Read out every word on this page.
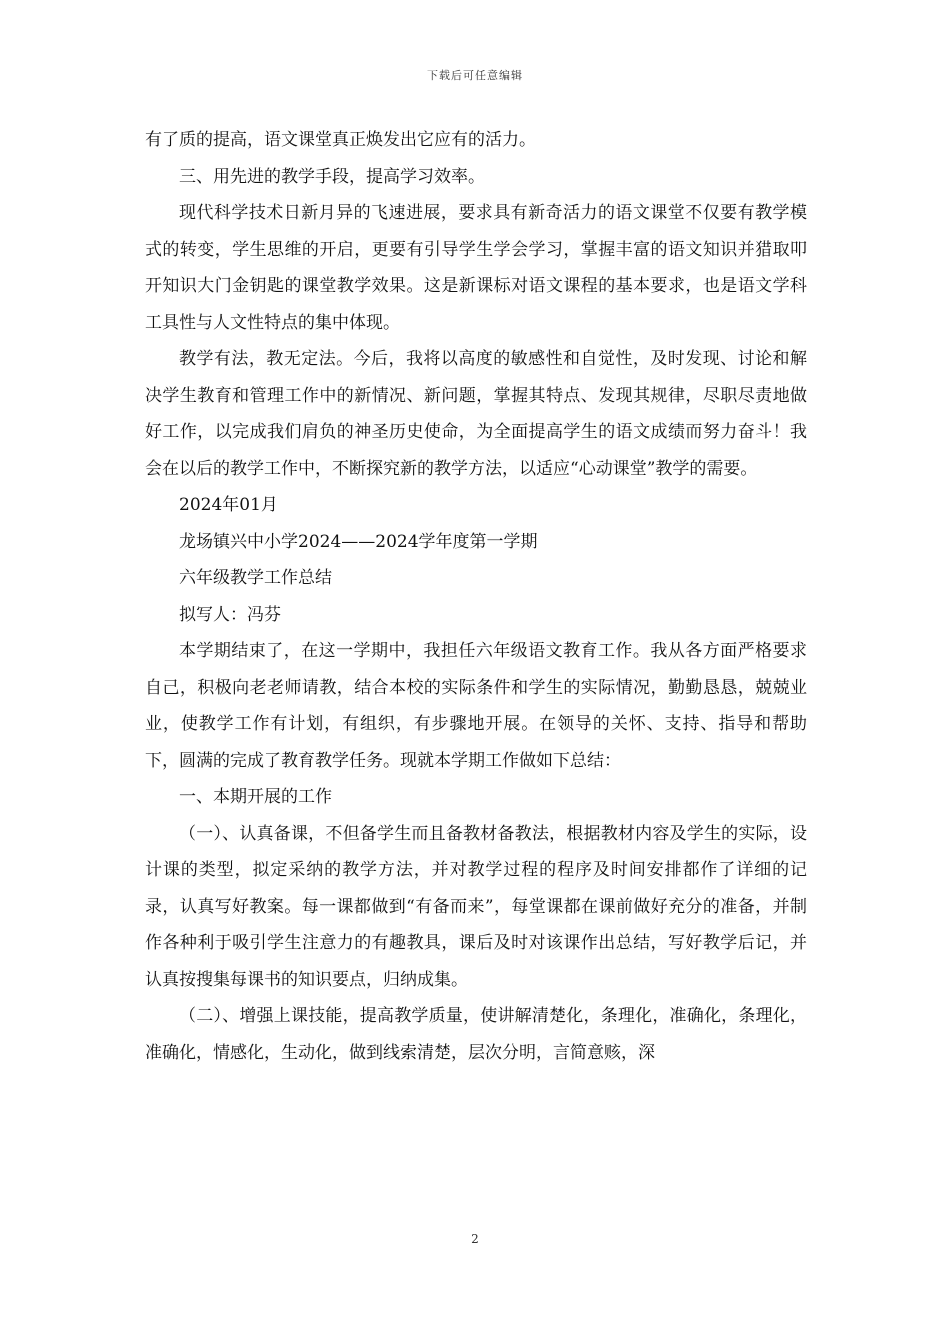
下载后可任意编辑

有了质的提高，语文课堂真正焕发出它应有的活力。

三、用先进的教学手段，提高学习效率。

现代科学技术日新月异的飞速进展，要求具有新奇活力的语文课堂不仅要有教学模式的转变，学生思维的开启，更要有引导学生学会学习，掌握丰富的语文知识并猎取叩开知识大门金钥匙的课堂教学效果。这是新课标对语文课程的基本要求，也是语文学科工具性与人文性特点的集中体现。

教学有法，教无定法。今后，我将以高度的敏感性和自觉性，及时发现、讨论和解决学生教育和管理工作中的新情况、新问题，掌握其特点、发现其规律，尽职尽责地做好工作，以完成我们肩负的神圣历史使命，为全面提高学生的语文成绩而努力奋斗！我会在以后的教学工作中，不断探究新的教学方法，以适应“心动课堂”教学的需要。

2024年01月

龙场镇兴中小学2024——2024学年度第一学期

六年级教学工作总结

拟写人：冯芬

本学期结束了，在这一学期中，我担任六年级语文教育工作。我从各方面严格要求自己，积极向老老师请教，结合本校的实际条件和学生的实际情况，勤勤恳恳，兢兢业业，使教学工作有计划，有组织，有步骤地开展。在领导的关怀、支持、指导和帮助下，圆满的完成了教育教学任务。现就本学期工作做如下总结：

一、本期开展的工作

（一）、认真备课，不但备学生而且备教材备教法，根据教材内容及学生的实际，设计课的类型，拟定采纳的教学方法，并对教学过程的程序及时间安排都作了详细的记录，认真写好教案。每一课都做到“有备而来”，每堂课都在课前做好充分的准备，并制作各种利于吸引学生注意力的有趣教具，课后及时对该课作出总结，写好教学后记，并认真按搜集每课书的知识要点，归纳成集。

（二）、增强上课技能，提高教学质量，使讲解清楚化，条理化，准确化，条理化，准确化，情感化，生动化，做到线索清楚，层次分明，言简意赅，深

2
